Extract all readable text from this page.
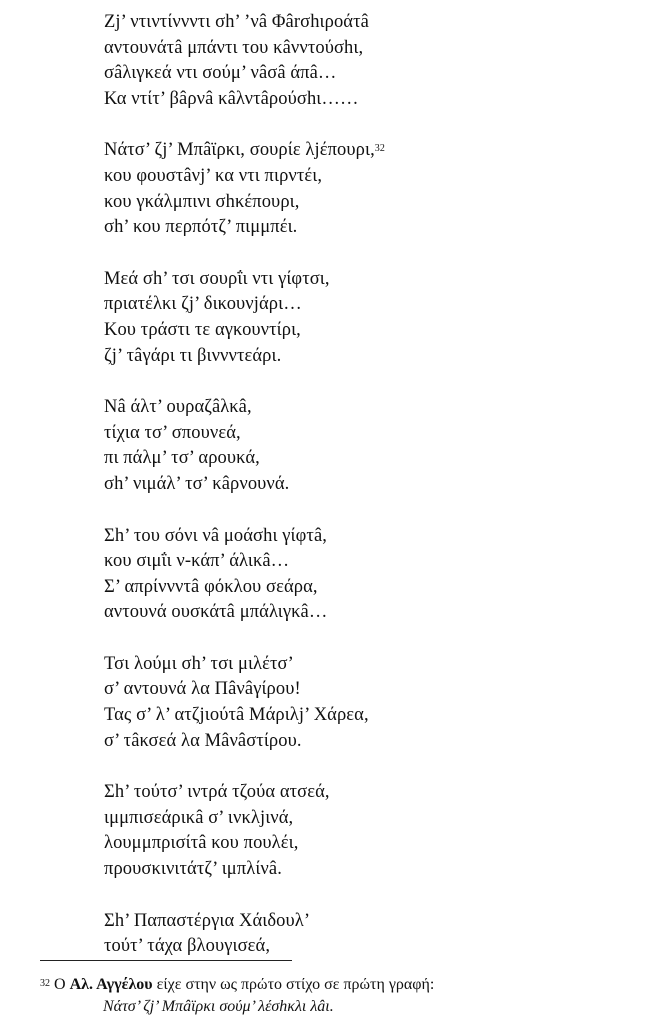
Zj’ ντιντίννντι σh’ ’νâ Φârσhιροάτâ
αντουνάτâ μπάντι του κâνντούσhι,
σâλιγκεά ντι σούμ’ νâσâ άπâ…
Κα ντίτ’ βâρνâ κâλντâρούσhι……
Νάτσ’ ζj’ Μπâϊρκι, σουρίε λjέπουρι,$^{32}$
κου φουστâνj’ κα ντι πιρντέι,
κου γκάλμπινι σhκέπουρι,
σh’ κου περπότζ’ πιμμπέι.
Μεά σh’ τσι σουρΐι ντι γίφτσι,
πριατέλκι ζj’ δικουνjάρι…
Κου τράστι τε αγκουντίρι,
ζj’ τâγάρι τι βιννντεάρι.
Νâ άλτ’ ουραζâλκâ,
τίχια τσ’ σπουνεά,
πι πάλμ’ τσ’ αρουκά,
σh’ νιμάλ’ τσ’ κâρνουνά.
Σh’ του σόνι νâ μοάσhι γίφτâ,
κου σιμΐι ν-κάπ’ άλικâ…
Σ’ απρίννντâ φόκλου σεάρα,
αντουνά ουσκάτâ μπάλιγκâ…
Τσι λούμι σh’ τσι μιλέτσ’
σ’ αντουνά λα Πâνâγίρου!
Τας σ’ λ’ ατζjιούτâ Μάριλj’ Χάρεα,
σ’ τâκσεά λα Μâνâστίρου.
Σh’ τούτσ’ ιντρά τζούα ατσεά,
ιμμπισεάρικâ σ’ ινκλjινά,
λουμμπρισίτâ κου πουλέι,
προυσκινιτάτζ’ ιμπλίνâ.
Σh’ Παπαστέργια Χάιδουλ’
τούτ’ τάχα βλουγισεά,
$^{32}$ Ο Αλ. Αγγέλου είχε στην ως πρώτο στίχο σε πρώτη γραφή:
Νάτσ’ ζj’ Μπâϊρκι σούμ’ λέσhκλι λâι.
